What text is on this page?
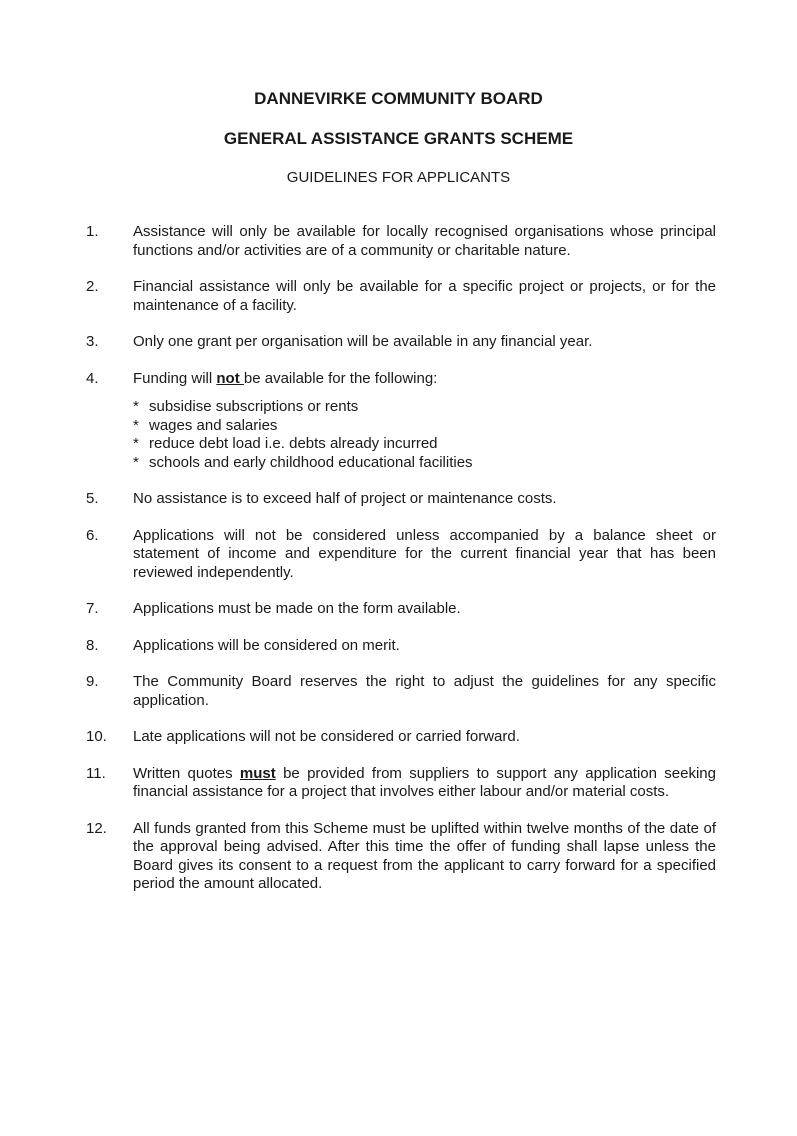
DANNEVIRKE COMMUNITY BOARD
GENERAL ASSISTANCE GRANTS SCHEME

GUIDELINES FOR APPLICANTS

1.	Assistance will only be available for locally recognised organisations whose principal functions and/or activities are of a community or charitable nature.
2.	Financial assistance will only be available for a specific project or projects, or for the maintenance of a facility.
3.	Only one grant per organisation will be available in any financial year.
4.	Funding will not be available for the following:
* subsidise subscriptions or rents
* wages and salaries
* reduce debt load i.e. debts already incurred
* schools and early childhood educational facilities
5.	No assistance is to exceed half of project or maintenance costs.
6.	Applications will not be considered unless accompanied by a balance sheet or statement of income and expenditure for the current financial year that has been reviewed independently.
7.	Applications must be made on the form available.
8.	Applications will be considered on merit.
9.	The Community Board reserves the right to adjust the guidelines for any specific application.
10.	Late applications will not be considered or carried forward.
11.	Written quotes must be provided from suppliers to support any application seeking financial assistance for a project that involves either labour and/or material costs.
12.	All funds granted from this Scheme must be uplifted within twelve months of the date of the approval being advised. After this time the offer of funding shall lapse unless the Board gives its consent to a request from the applicant to carry forward for a specified period the amount allocated.
